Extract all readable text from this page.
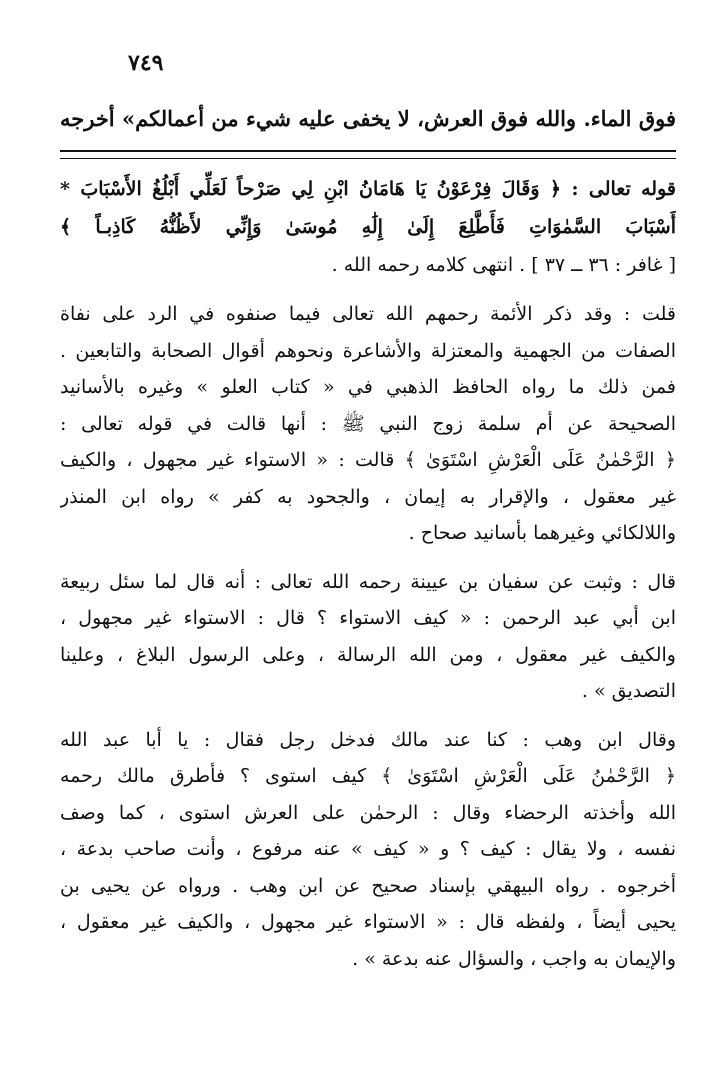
٧٤٩
فوق الماء. والله فوق العرش، لا يخفى عليه شيء من أعمالكم» أخرجه
قوله تعالى : ﴿ وَقَالَ فِرْعَوْنُ يَا هَامَانُ ابْنِ لِي صَرْحاً لَعَلِّي أَبْلُغُ الأَسْبَابَ *
أَسْبَابَ السَّمٰوَاتِ فَأَطَّلِعَ إِلَىٰ إِلَٰهِ مُوسَىٰ وَإِنِّي لأَظُنُّهُ كَاذِبـاً ﴾
[ غافر : ٣٦ ــ ٣٧ ] . انتهى كلامه رحمه الله .
قلت : وقد ذكر الأئمة رحمهم الله تعالى فيما صنفوه في الرد على نفاة
الصفات من الجهمية والمعتزلة والأشاعرة ونحوهم أقوال الصحابة والتابعين .
فمن ذلك ما رواه الحافظ الذهبي في « كتاب العلو » وغيره بالأسانيد
الصحيحة عن أم سلمة زوج النبي ﷺ : أنها قالت في قوله تعالى :
﴿ الرَّحْمٰنُ عَلَى الْعَرْشِ اسْتَوَىٰ ﴾ قالت : « الاستواء غير مجهول ، والكيف
غير معقول ، والإقرار به إيمان ، والجحود به كفر » رواه ابن المنذر
واللالكائي وغيرهما بأسانيد صحاح .
قال : وثبت عن سفيان بن عيينة رحمه الله تعالى : أنه قال لما سئل ربيعة
ابن أبي عبد الرحمن : « كيف الاستواء ؟ قال : الاستواء غير مجهول ،
والكيف غير معقول ، ومن الله الرسالة ، وعلى الرسول البلاغ ، وعلينا
التصديق » .
وقال ابن وهب : كنا عند مالك فدخل رجل فقال : يا أبا عبد الله
﴿ الرَّحْمٰنُ عَلَى الْعَرْشِ اسْتَوَىٰ ﴾ كيف استوى ؟ فأطرق مالك رحمه
الله وأخذته الرحضاء وقال : الرحمٰن على العرش استوى ، كما وصف
نفسه ، ولا يقال : كيف ؟ و « كيف » عنه مرفوع ، وأنت صاحب بدعة ،
أخرجوه . رواه البيهقي بإسناد صحيح عن ابن وهب . ورواه عن يحيى بن
يحيى أيضاً ، ولفظه قال : « الاستواء غير مجهول ، والكيف غير معقول ،
والإيمان به واجب ، والسؤال عنه بدعة » .
